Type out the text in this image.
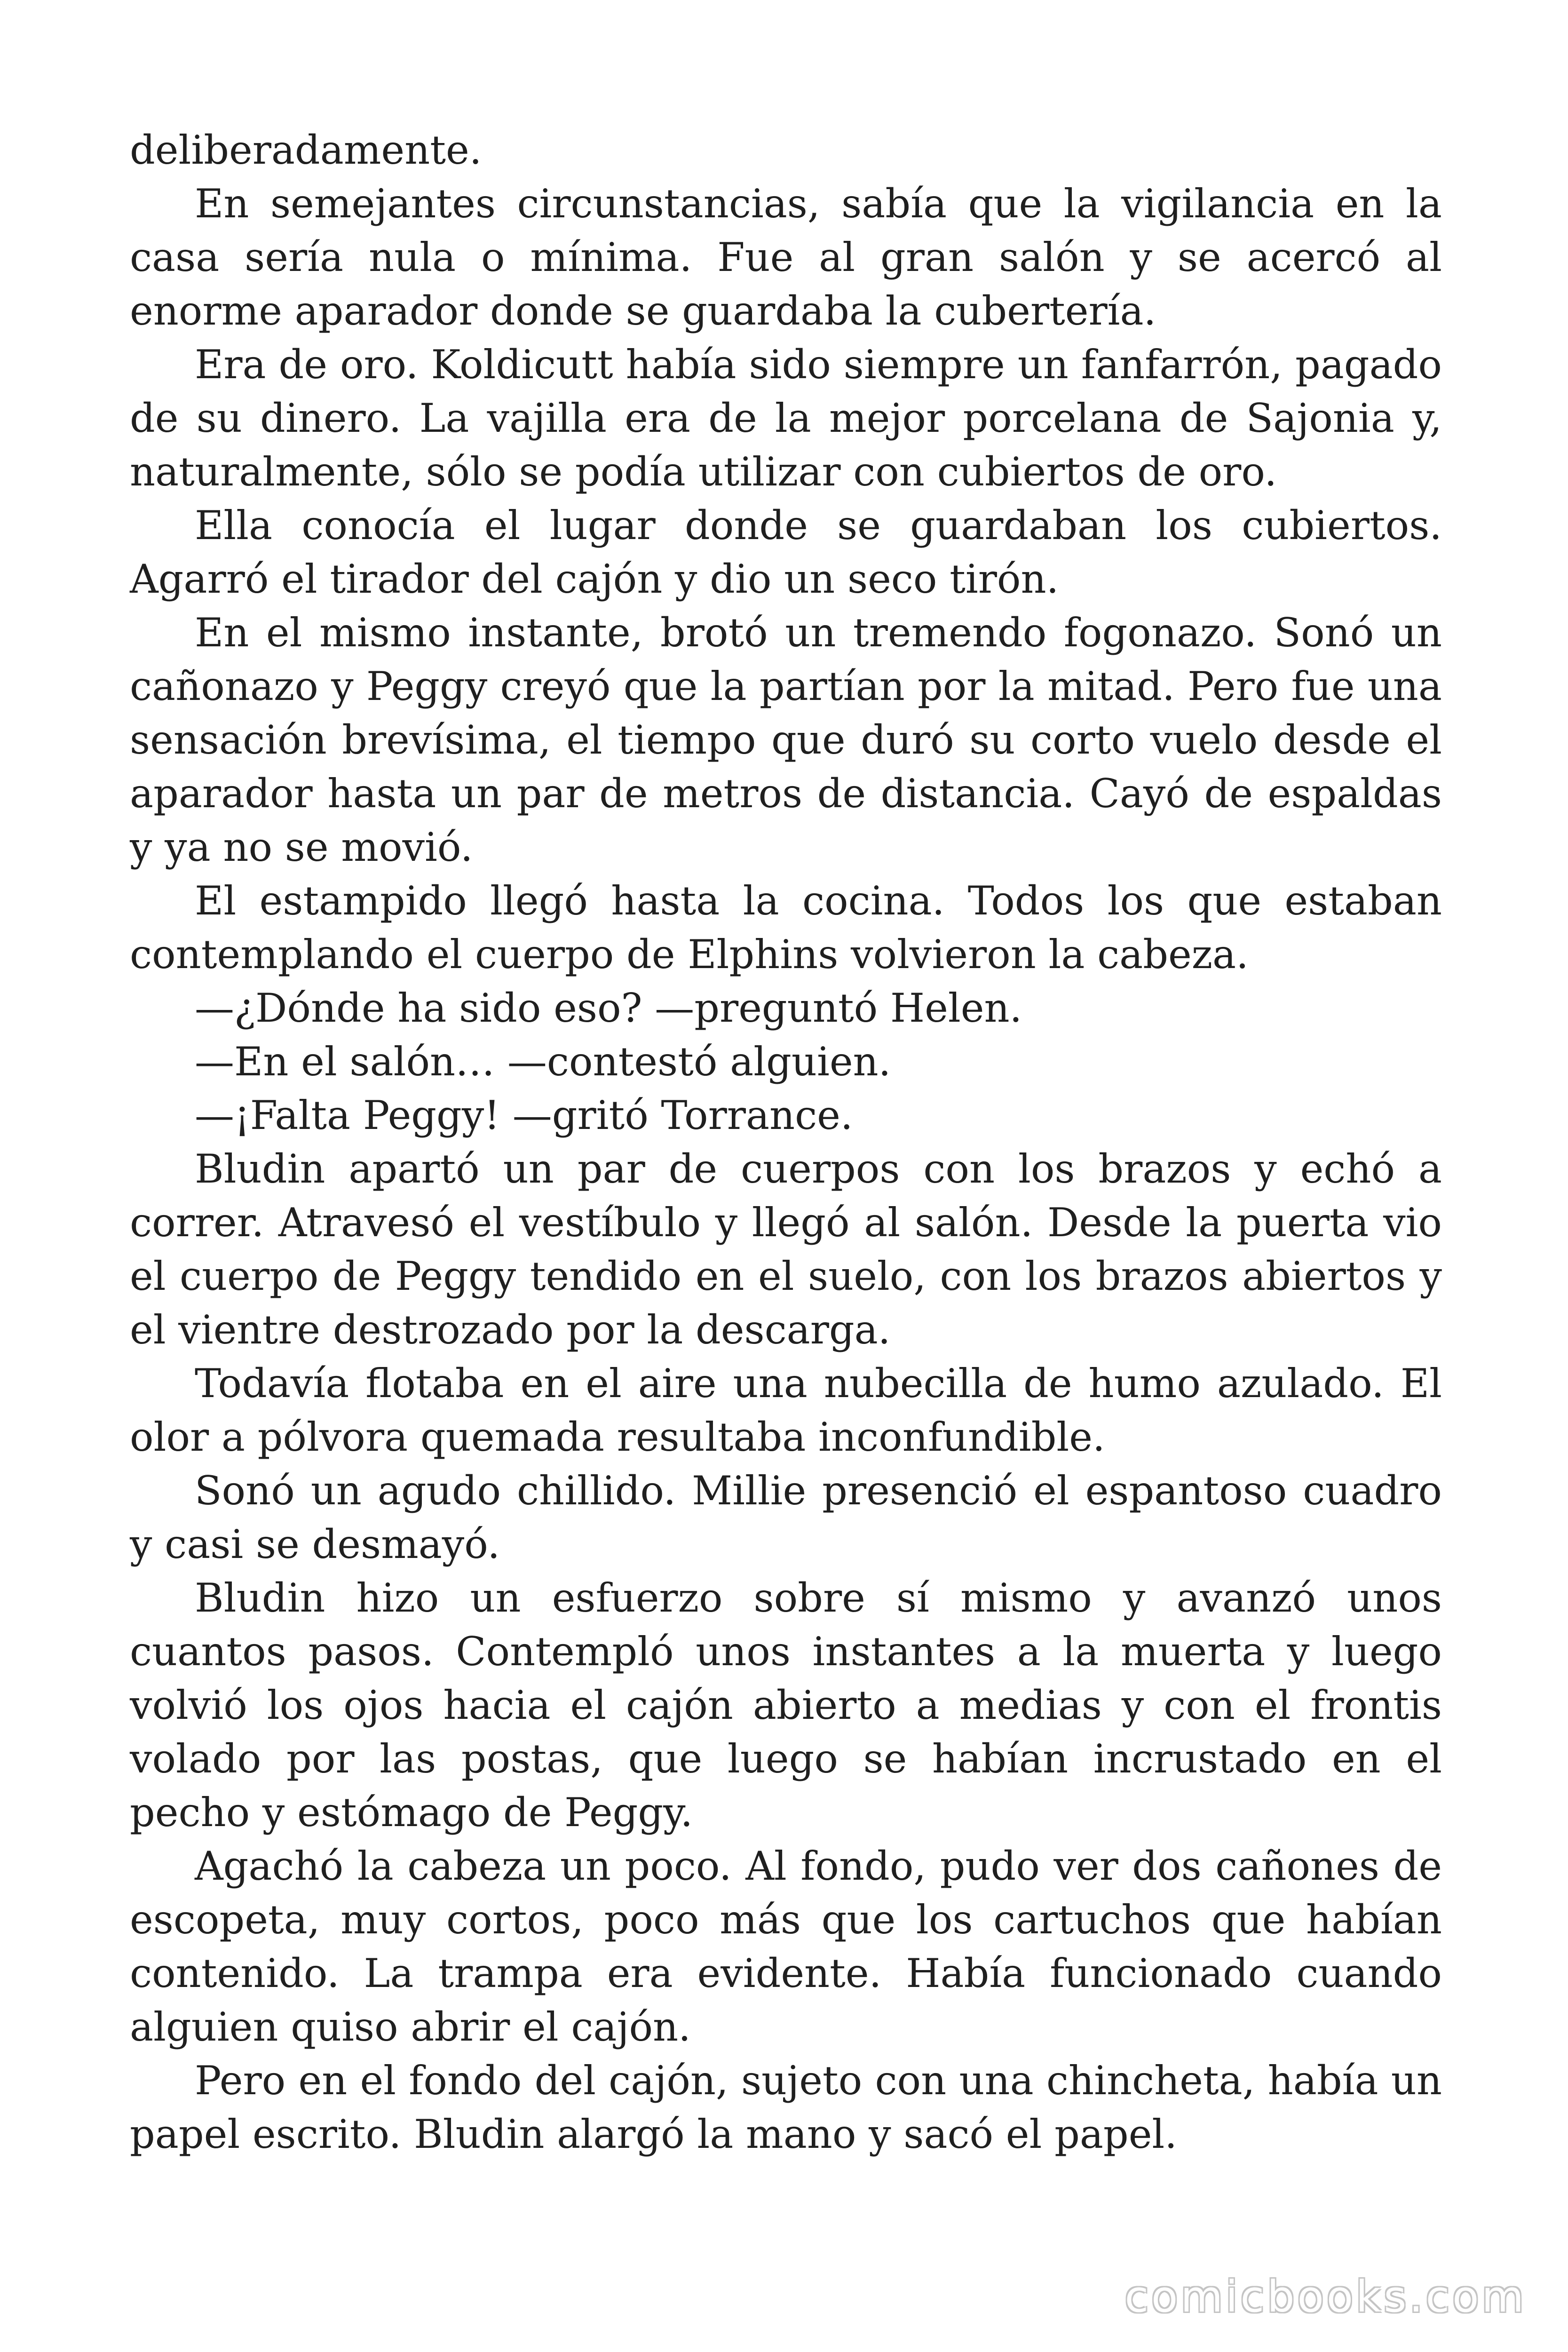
deliberadamente.

En semejantes circunstancias, sabía que la vigilancia en la casa sería nula o mínima. Fue al gran salón y se acercó al enorme aparador donde se guardaba la cubertería.

Era de oro. Koldicutt había sido siempre un fanfarrón, pagado de su dinero. La vajilla era de la mejor porcelana de Sajonia y, naturalmente, sólo se podía utilizar con cubiertos de oro.

Ella conocía el lugar donde se guardaban los cubiertos. Agarró el tirador del cajón y dio un seco tirón.

En el mismo instante, brotó un tremendo fogonazo. Sonó un cañonazo y Peggy creyó que la partían por la mitad. Pero fue una sensación brevísima, el tiempo que duró su corto vuelo desde el aparador hasta un par de metros de distancia. Cayó de espaldas y ya no se movió.

El estampido llegó hasta la cocina. Todos los que estaban contemplando el cuerpo de Elphins volvieron la cabeza.

—¿Dónde ha sido eso? —preguntó Helen.

—En el salón… —contestó alguien.

—¡Falta Peggy! —gritó Torrance.

Bludin apartó un par de cuerpos con los brazos y echó a correr. Atravesó el vestíbulo y llegó al salón. Desde la puerta vio el cuerpo de Peggy tendido en el suelo, con los brazos abiertos y el vientre destrozado por la descarga.

Todavía flotaba en el aire una nubecilla de humo azulado. El olor a pólvora quemada resultaba inconfundible.

Sonó un agudo chillido. Millie presenció el espantoso cuadro y casi se desmayó.

Bludin hizo un esfuerzo sobre sí mismo y avanzó unos cuantos pasos. Contempló unos instantes a la muerta y luego volvió los ojos hacia el cajón abierto a medias y con el frontis volado por las postas, que luego se habían incrustado en el pecho y estómago de Peggy.

Agachó la cabeza un poco. Al fondo, pudo ver dos cañones de escopeta, muy cortos, poco más que los cartuchos que habían contenido. La trampa era evidente. Había funcionado cuando alguien quiso abrir el cajón.

Pero en el fondo del cajón, sujeto con una chincheta, había un papel escrito. Bludin alargó la mano y sacó el papel.

comicbooks.com
